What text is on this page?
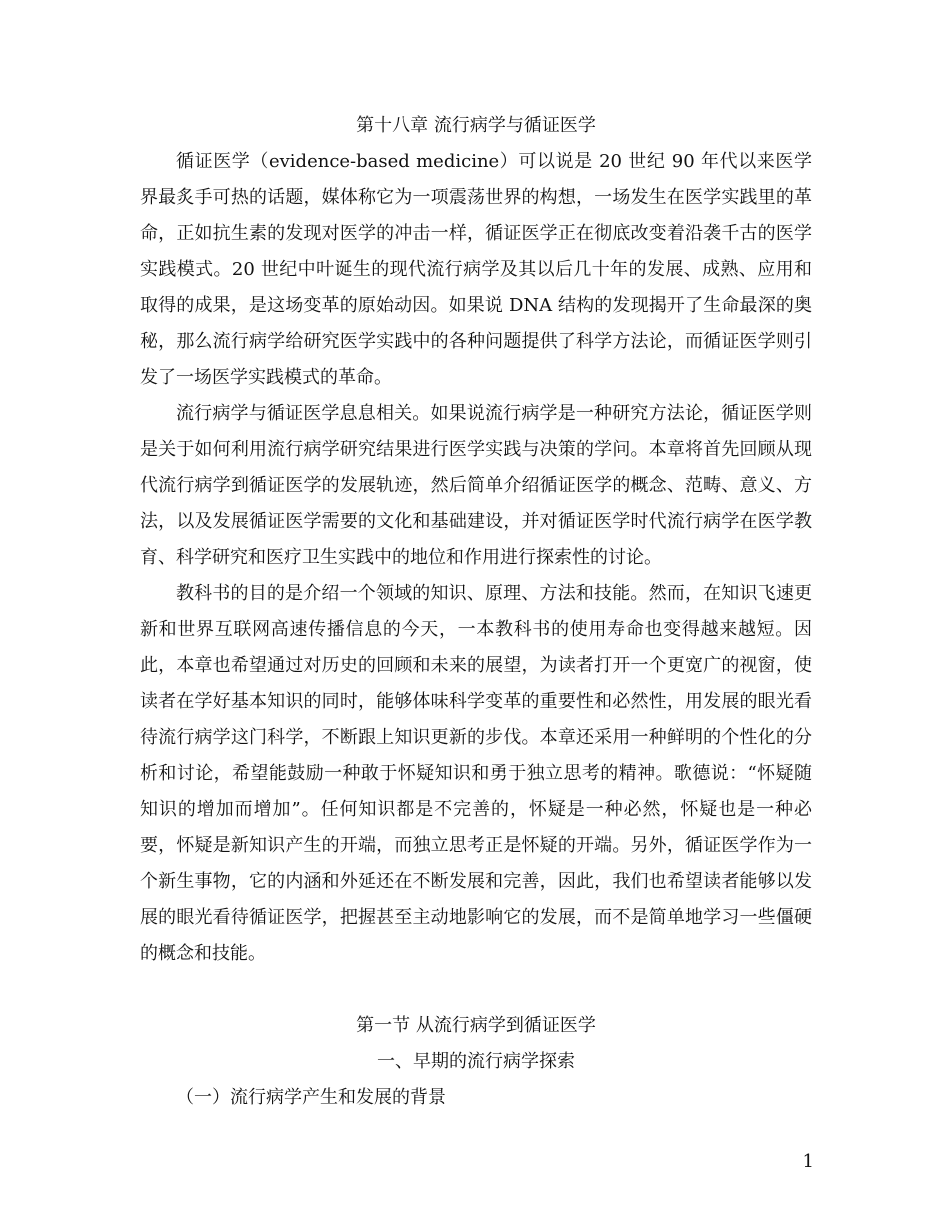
第十八章 流行病学与循证医学

循证医学（evidence-based medicine）可以说是 20 世纪 90 年代以来医学界最炙手可热的话题，媒体称它为一项震荡世界的构想，一场发生在医学实践里的革命，正如抗生素的发现对医学的冲击一样，循证医学正在彻底改变着沿袭千古的医学实践模式。20 世纪中叶诞生的现代流行病学及其以后几十年的发展、成熟、应用和取得的成果，是这场变革的原始动因。如果说 DNA 结构的发现揭开了生命最深的奥秘，那么流行病学给研究医学实践中的各种问题提供了科学方法论，而循证医学则引发了一场医学实践模式的革命。

流行病学与循证医学息息相关。如果说流行病学是一种研究方法论，循证医学则是关于如何利用流行病学研究结果进行医学实践与决策的学问。本章将首先回顾从现代流行病学到循证医学的发展轨迹，然后简单介绍循证医学的概念、范畴、意义、方法，以及发展循证医学需要的文化和基础建设，并对循证医学时代流行病学在医学教育、科学研究和医疗卫生实践中的地位和作用进行探索性的讨论。

教科书的目的是介绍一个领域的知识、原理、方法和技能。然而，在知识飞速更新和世界互联网高速传播信息的今天，一本教科书的使用寿命也变得越来越短。因此，本章也希望通过对历史的回顾和未来的展望，为读者打开一个更宽广的视窗，使读者在学好基本知识的同时，能够体味科学变革的重要性和必然性，用发展的眼光看待流行病学这门科学，不断跟上知识更新的步伐。本章还采用一种鲜明的个性化的分析和讨论，希望能鼓励一种敢于怀疑知识和勇于独立思考的精神。歌德说：“怀疑随知识的增加而增加”。任何知识都是不完善的，怀疑是一种必然，怀疑也是一种必要，怀疑是新知识产生的开端，而独立思考正是怀疑的开端。另外，循证医学作为一个新生事物，它的内涵和外延还在不断发展和完善，因此，我们也希望读者能够以发展的眼光看待循证医学，把握甚至主动地影响它的发展，而不是简单地学习一些僵硬的概念和技能。

第一节 从流行病学到循证医学
一、早期的流行病学探索
（一）流行病学产生和发展的背景
1
